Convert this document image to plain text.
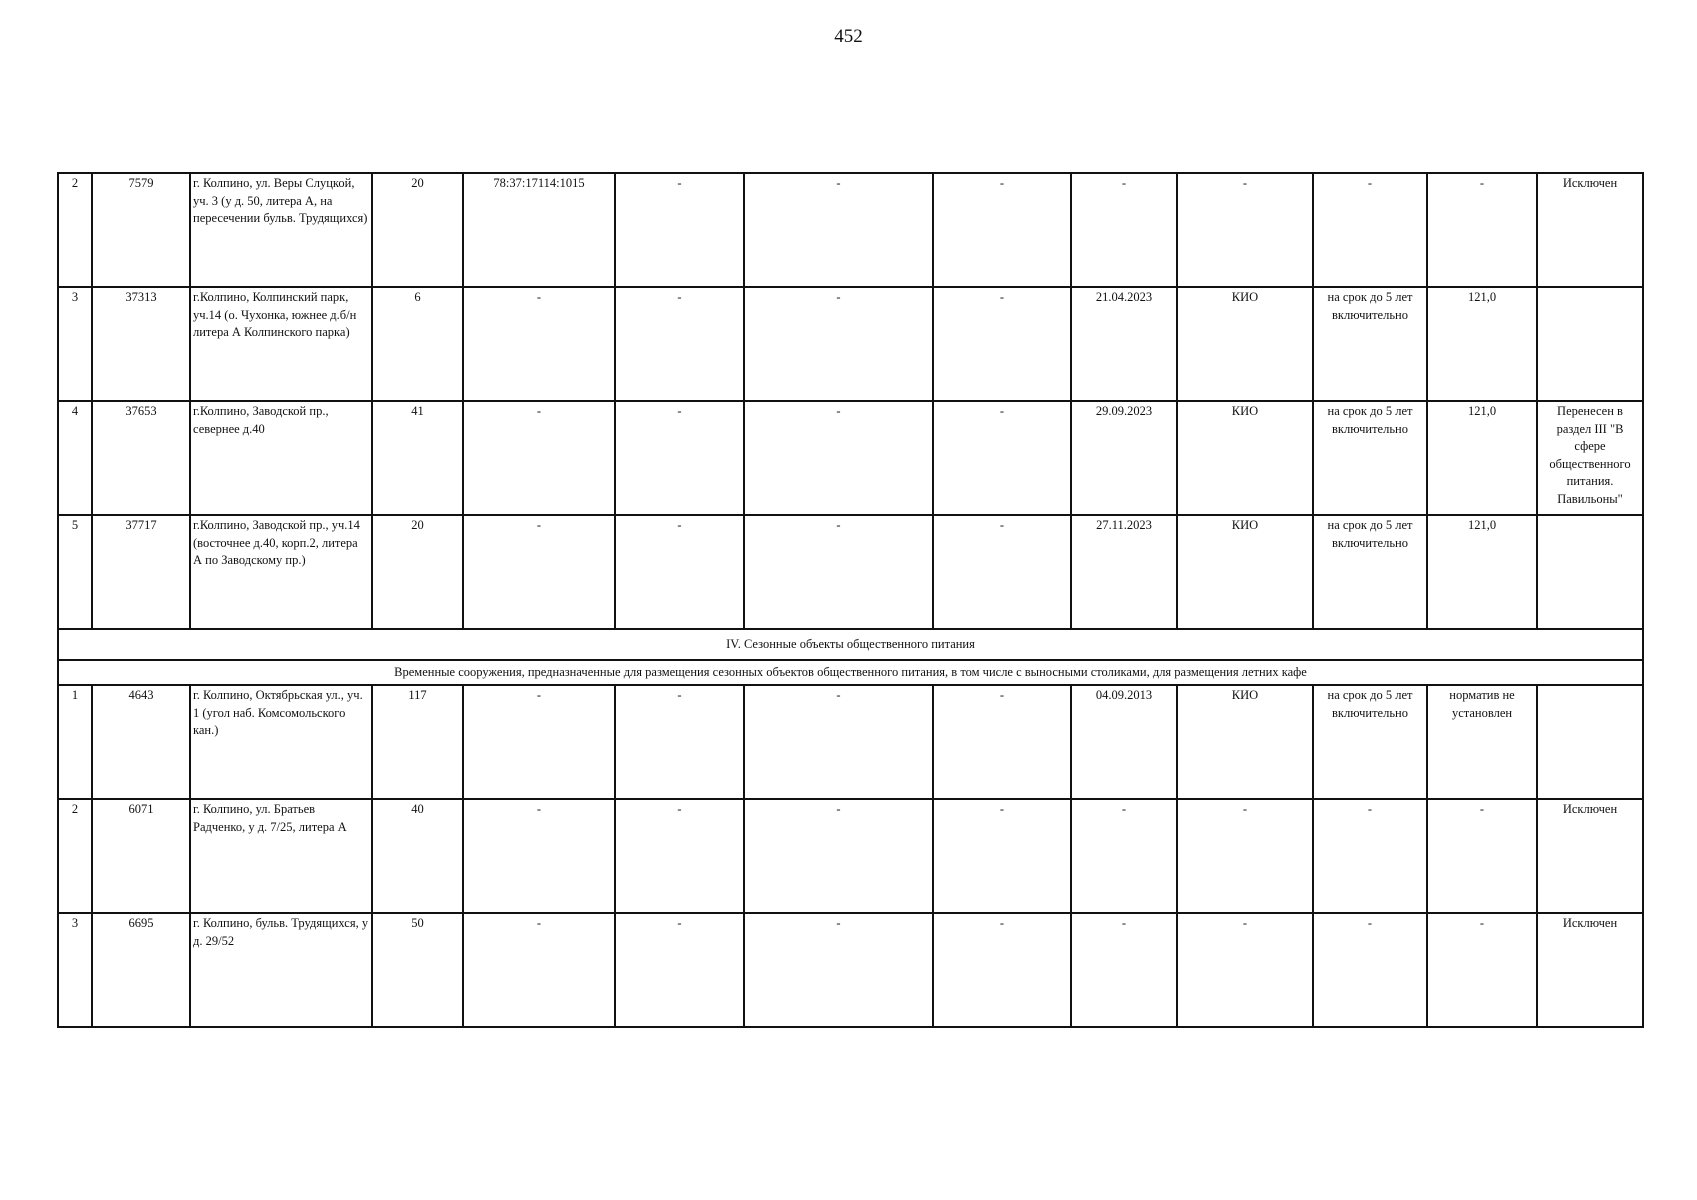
452
2	7579	г. Колпино, ул. Веры Слуцкой, уч. 3 (у д. 50, литера А, на пересечении бульв. Трудящихся)	20	78:37:17114:1015	-	-	-	-	-	-	-	Исключен
3	37313	г.Колпино, Колпинский парк, уч.14 (о. Чухонка, южнее д.б/н литера А Колпинского парка)	6	-	-	-	-	21.04.2023	КИО	на срок до 5 лет включительно	121,0	
4	37653	г.Колпино, Заводской пр., севернее д.40	41	-	-	-	-	29.09.2023	КИО	на срок до 5 лет включительно	121,0	Перенесен в раздел III "В сфере общественного питания. Павильоны"
5	37717	г.Колпино, Заводской пр., уч.14 (восточнее д.40, корп.2, литера А по Заводскому пр.)	20	-	-	-	-	27.11.2023	КИО	на срок до 5 лет включительно	121,0	
IV. Сезонные объекты общественного питания												
Временные сооружения, предназначенные для размещения сезонных объектов общественного питания, в том числе с выносными столиками, для размещения летних кафе												
1	4643	г. Колпино, Октябрьская ул., уч. 1 (угол наб. Комсомольского кан.)	117	-	-	-	-	04.09.2013	КИО	на срок до 5 лет включительно	норматив не установлен	
2	6071	г. Колпино, ул. Братьев Радченко, у д. 7/25, литера А	40	-	-	-	-	-	-	-	-	Исключен
3	6695	г. Колпино, бульв. Трудящихся, у д. 29/52	50	-	-	-	-	-	-	-	-	Исключен
